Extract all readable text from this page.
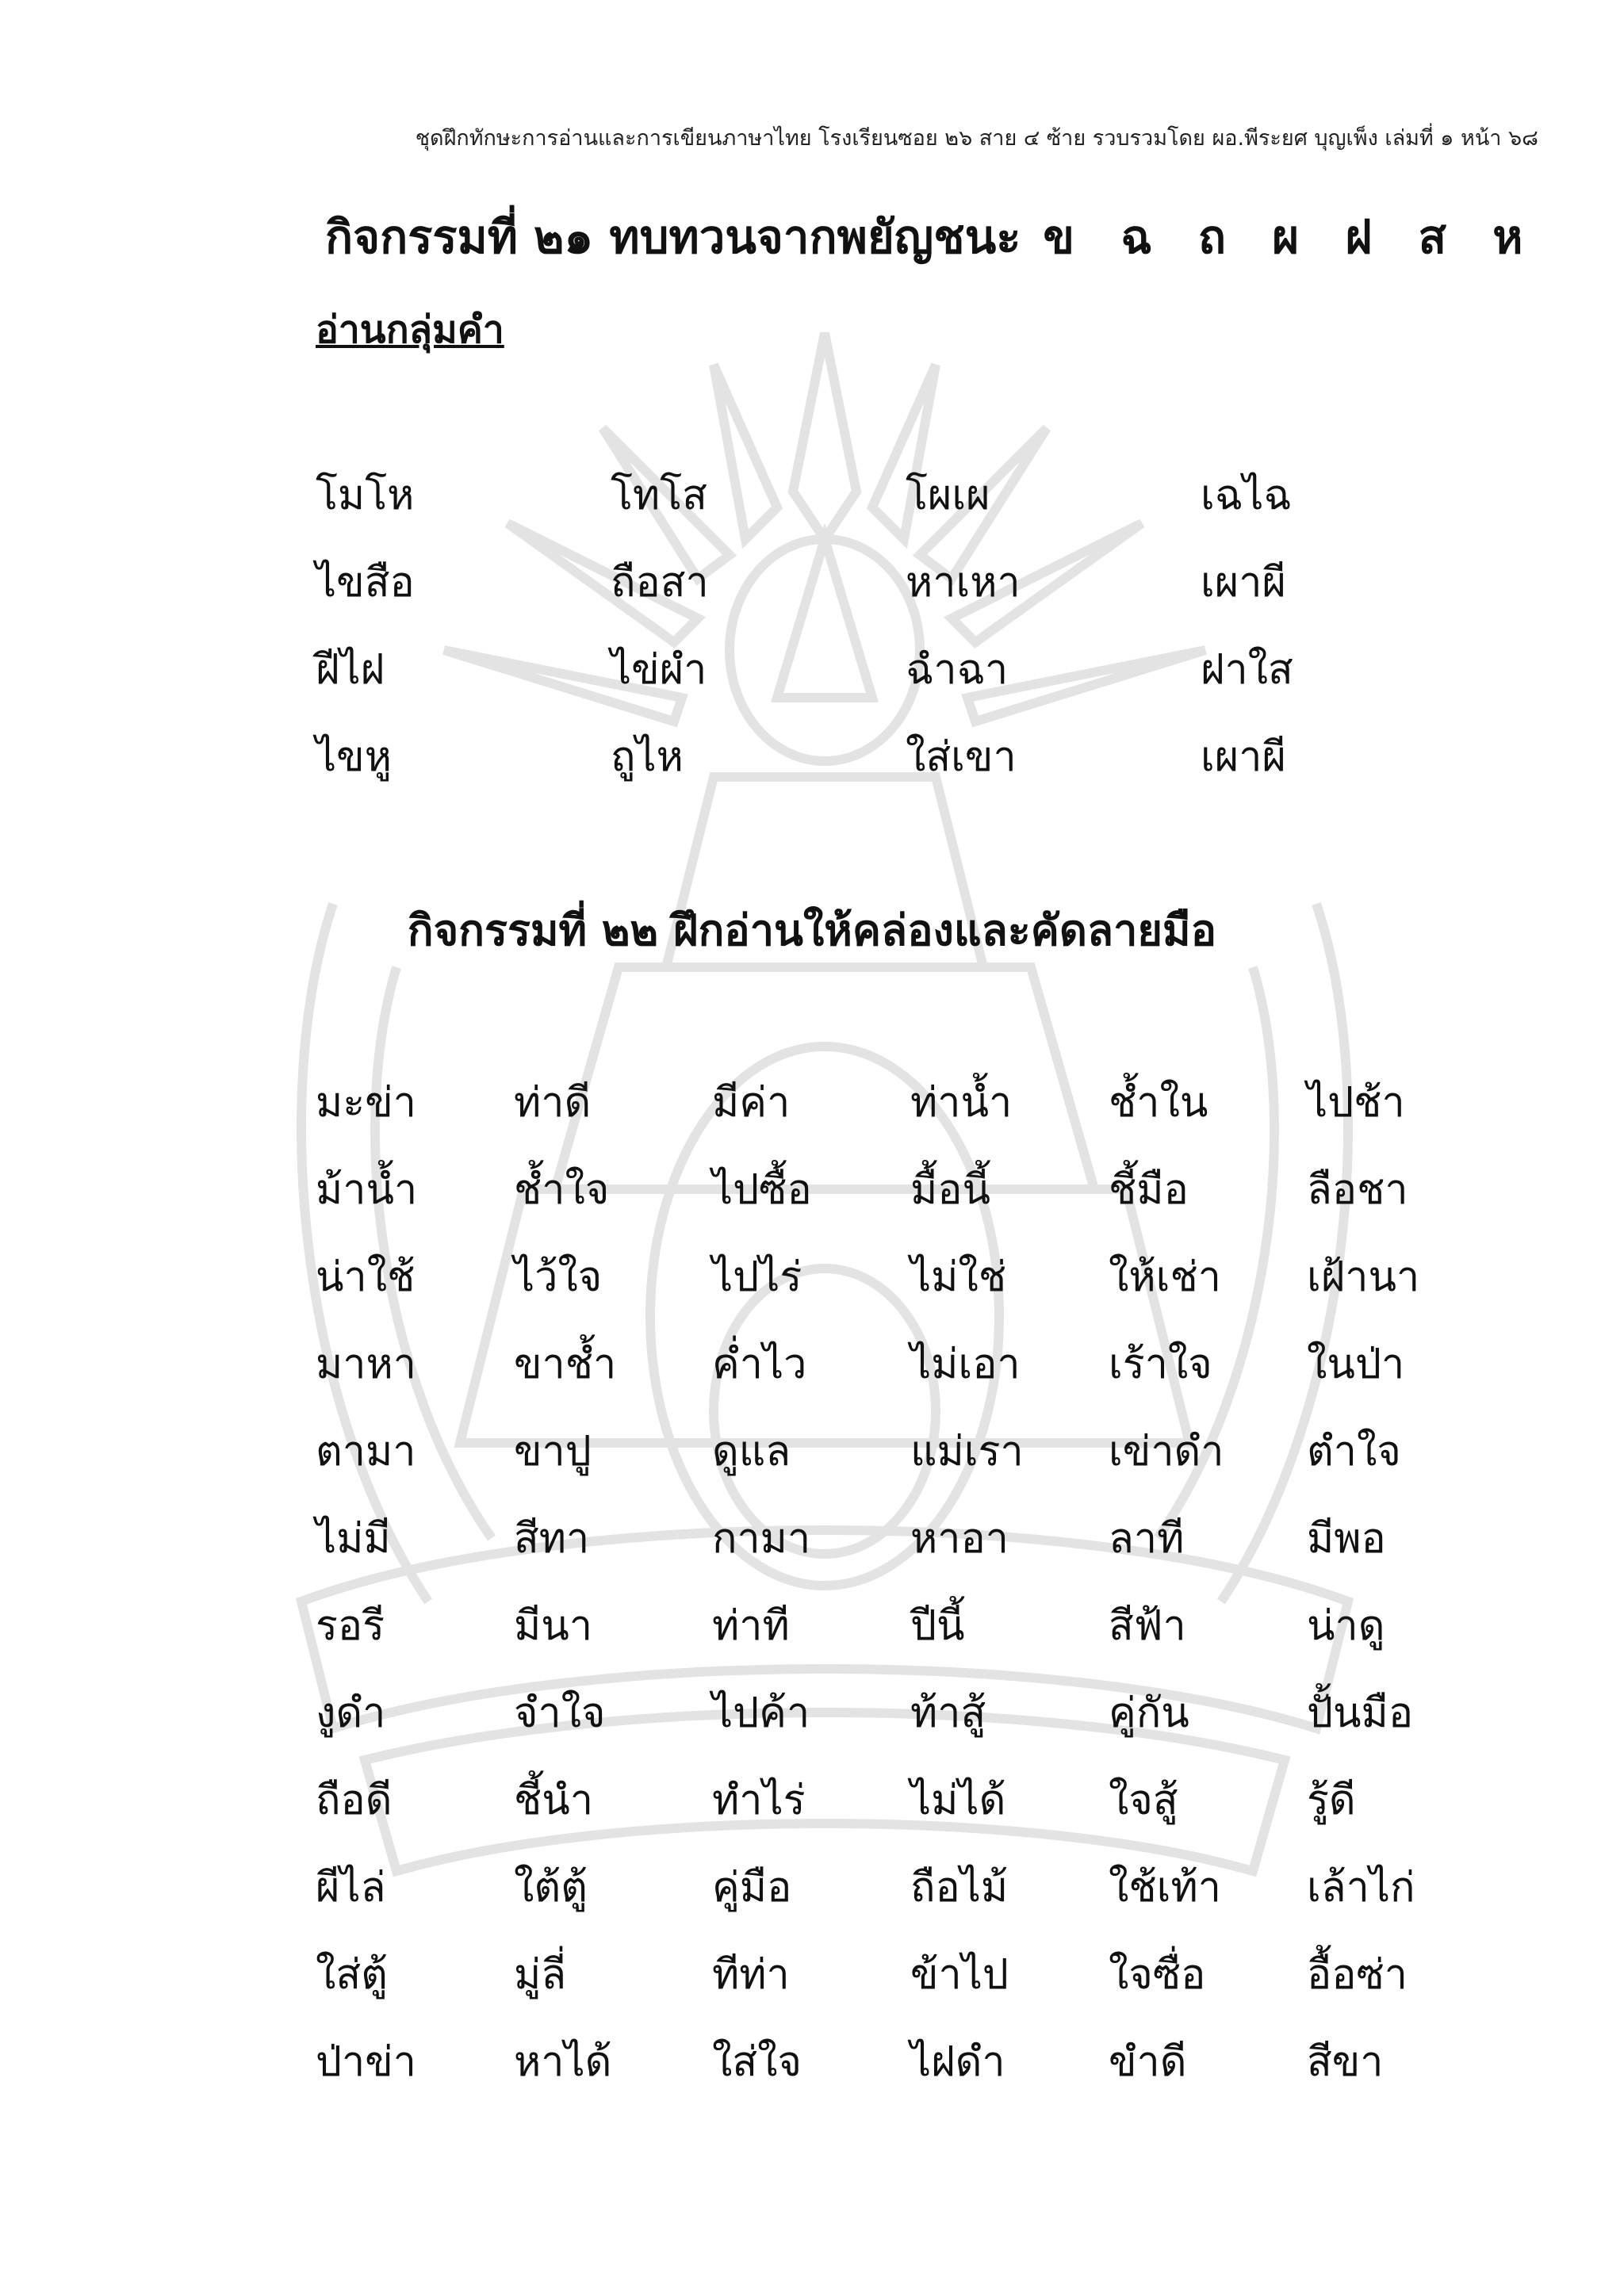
ชุดฝึกทักษะการอ่านและการเขียนภาษาไทย โรงเรียนซอย ๒๖ สาย ๔ ซ้าย รวบรวมโดย ผอ.พีระยศ บุญเพ็ง เล่มที่ ๑ หน้า ๖๘
กิจกรรมที่ ๒๑ ทบทวนจากพยัญชนะ ข ฉ ถ ผ ฝ ส ห
อ่านกลุ่มคำ
โมโห	โทโส	โผเผ	เฉไฉ
ไขสือ	ถือสา	หาเหา	เผาผี
ฝีไฝ	ไข่ผำ	ฉำฉา	ฝาใส
ไขหู	ถูไห	ใส่เขา	เผาผี
กิจกรรมที่ ๒๒ ฝึกอ่านให้คล่องและคัดลายมือ
มะข่า	ท่าดี	มีค่า	ท่าน้ำ	ช้ำใน	ไปช้า
ม้าน้ำ	ช้ำใจ	ไปซื้อ	มื้อนี้	ชี้มือ	ลือชา
น่าใช้	ไว้ใจ	ไปไร่	ไม่ใช่	ให้เช่า	เฝ้านา
มาหา	ขาช้ำ	ค่ำไว	ไม่เอา	เร้าใจ	ในป่า
ตามา	ขาปู	ดูแล	แม่เรา	เข่าดำ	ตำใจ
ไม่มี	สีทา	กามา	หาอา	ลาที	มีพอ
รอรี	มีนา	ท่าที	ปีนี้	สีฟ้า	น่าดู
งูดำ	จำใจ	ไปค้า	ท้าสู้	คู่กัน	ปั้นมือ
ถือดี	ชี้นำ	ทำไร่	ไม่ได้	ใจสู้	รู้ดี
ผีไล่	ใต้ตู้	คู่มือ	ถือไม้	ใช้เท้า	เล้าไก่
ใส่ตู้	มู่ลี่	ทีท่า	ข้าไป	ใจซื่อ	อื้อซ่า
ป่าข่า	หาได้	ใส่ใจ	ไฝดำ	ขำดี	สีขา
